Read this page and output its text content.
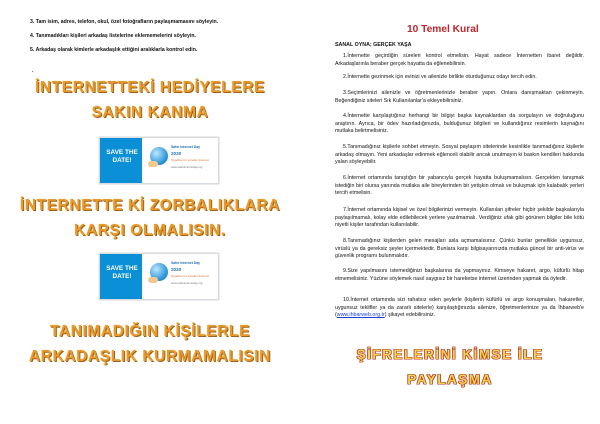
3. Tam isim, adres, telefon, okul, özel fotoğrafların paylaşmamasını söyleyin.
4. Tanımadıkları kişileri arkadaş listelerine eklememelerini söyleyin.
5. Arkadaş olarak kimlerle arkadaşlık ettiğini aralıklarla kontrol edin.
.
İNTERNETTEKİ HEDİYELERE
SAKIN KANMA
SAVE THE DATE!
Safer Internet Day
2020
Together for a better internet
www.saferinternetday.org
İNTERNETTE Kİ ZORBALIKLARA
KARŞI OLMALISIN.
SAVE THE DATE!
Safer Internet Day
2020
Together for a better internet
www.saferinternetday.org
TANIMADIĞIN KİŞİLERLE
ARKADAŞLIK KURMAMALISIN
10 Temel Kural
SANAL OYNA; GERÇEK YAŞA
1.İnternette geçirdiğin süreleri kontrol etmelisin. Hayat sadece İnternetten ibaret değildir. Arkadaşlarınla beraber gerçek hayatta da eğlenebilirsin.
2.İnternette gezinmek için evinizi ve ailenizle birlikte oturduğunuz odayı tercih edin.
3.Seçimlerinizi ailenizle ve öğretmenlerinizle beraber yapın. Onlara danışmaktan çekinmeyin. Beğendiğiniz siteleri Sık Kullanılanlar'a ekleyebilirsiniz.
4.İnternette karşılaştığınız herhangi bir bilgiyi başka kaynaklardan da sorgulayın ve doğruluğunu araştırın. Ayrıca, bir ödev hazırladığınızda, bulduğunuz bilgileri ve kullandığınız resimlerin kaynağını mutlaka belirtmelisiniz.
5.Tanımadığınız kişilerle sohbet etmeyin. Sosyal paylaşım sitelerinde kesinlikle tanımadığınız kişilerle arkadaş olmayın. Yeni arkadaşlar edinmek eğlenceli olabilir ancak unutmayın ki baskın kendileri hakkında yalan söyleyebilir.
6.İnternet ortamında tanıştığın bir yabancıyla gerçek hayatta buluşmamalısın. Gerçekten tanışmak istediğin biri olursa yanında mutlaka aile bireylerinden bir yetişkin olmalı ve buluşmak için kalabalık yerleri tercih etmelisin.
7.İnternet ortamında kişisel ve özel bilgilerinizi vermeyin. Kullanılan şifreler hiçbir şekilde başkalarıyla paylaşılmamalı, kolay elde edilebilecek yerlere yazılmamalı. Verdiğiniz ufak gibi görünen bilgiler bile kötü niyetli kişiler tarafından kullanılabilir.
8.Tanımadığınız kişilerden gelen mesajları asla açmamalısınız. Çünkü bunlar genellikle uygunsuz, virüslü ya da gereksiz şeyler içermektedir. Bunlara karşı bilgisayarınızda mutlaka güncel bir anti-virüs ve güvenlik programı bulunmalıdır.
9.Size yapılmasını istemediğinizi başkalarına da yapmayınız. Kimseye hakaret, argo, küfürlü hitap etmemelisiniz. Yüzüne söylemek nasıl saygısız bir hareketse internet üzerinden yapmak da öyledir.
10.İnternet ortamında sizi rahatsız eden şeylerle (kişilerin küfürlü ve argo konuşmaları, hakaretler, uygunsuz teklifler ya da zararlı sitelerle) karşılaştığınızda ailenize, öğretmenlerinize ya da İhbarweb'e (www.ihbarweb.org.tr) şikayet edebilirsiniz.
ŞİFRELERİNİ KİMSE İLE
PAYLAŞMA
